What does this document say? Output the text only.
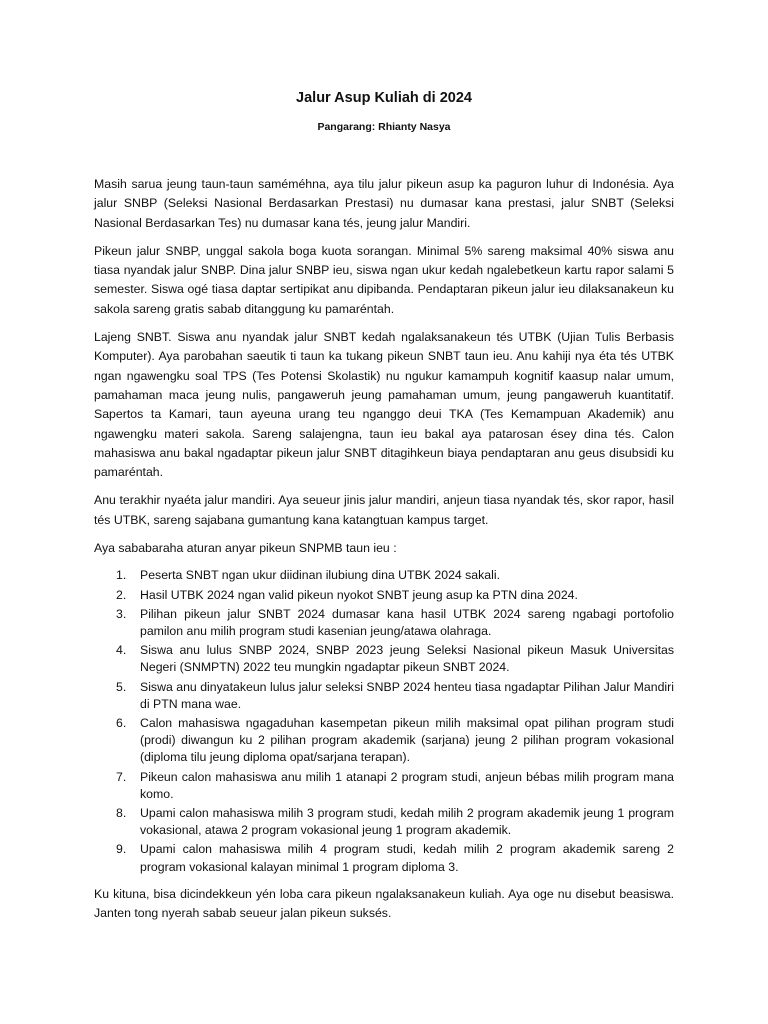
Jalur Asup Kuliah di 2024
Pangarang: Rhianty Nasya

Masih sarua jeung taun-taun saméméhna, aya tilu jalur pikeun asup ka paguron luhur di Indonésia. Aya jalur SNBP (Seleksi Nasional Berdasarkan Prestasi) nu dumasar kana prestasi, jalur SNBT (Seleksi Nasional Berdasarkan Tes) nu dumasar kana tés, jeung jalur Mandiri.

Pikeun jalur SNBP, unggal sakola boga kuota sorangan. Minimal 5% sareng maksimal 40% siswa anu tiasa nyandak jalur SNBP. Dina jalur SNBP ieu, siswa ngan ukur kedah ngalebetkeun kartu rapor salami 5 semester. Siswa ogé tiasa daptar sertipikat anu dipibanda. Pendaptaran pikeun jalur ieu dilaksanakeun ku sakola sareng gratis sabab ditanggung ku pamaréntah.

Lajeng SNBT. Siswa anu nyandak jalur SNBT kedah ngalaksanakeun tés UTBK (Ujian Tulis Berbasis Komputer). Aya parobahan saeutik ti taun ka tukang pikeun SNBT taun ieu. Anu kahiji nya éta tés UTBK ngan ngawengku soal TPS (Tes Potensi Skolastik) nu ngukur kamampuh kognitif kaasup nalar umum, pamahaman maca jeung nulis, pangaweruh jeung pamahaman umum, jeung pangaweruh kuantitatif. Sapertos ta Kamari, taun ayeuna urang teu nganggo deui TKA (Tes Kemampuan Akademik) anu ngawengku materi sakola. Sareng salajengna, taun ieu bakal aya patarosan ésey dina tés. Calon mahasiswa anu bakal ngadaptar pikeun jalur SNBT ditagihkeun biaya pendaptaran anu geus disubsidi ku pamaréntah.

Anu terakhir nyaéta jalur mandiri. Aya seueur jinis jalur mandiri, anjeun tiasa nyandak tés, skor rapor, hasil tés UTBK, sareng sajabana gumantung kana katangtuan kampus target.

Aya sababaraha aturan anyar pikeun SNPMB taun ieu :

1. Peserta SNBT ngan ukur diidinan ilubiung dina UTBK 2024 sakali.
2. Hasil UTBK 2024 ngan valid pikeun nyokot SNBT jeung asup ka PTN dina 2024.
3. Pilihan pikeun jalur SNBT 2024 dumasar kana hasil UTBK 2024 sareng ngabagi portofolio pamilon anu milih program studi kasenian jeung/atawa olahraga.
4. Siswa anu lulus SNBP 2024, SNBP 2023 jeung Seleksi Nasional pikeun Masuk Universitas Negeri (SNMPTN) 2022 teu mungkin ngadaptar pikeun SNBT 2024.
5. Siswa anu dinyatakeun lulus jalur seleksi SNBP 2024 henteu tiasa ngadaptar Pilihan Jalur Mandiri di PTN mana wae.
6. Calon mahasiswa ngagaduhan kasempetan pikeun milih maksimal opat pilihan program studi (prodi) diwangun ku 2 pilihan program akademik (sarjana) jeung 2 pilihan program vokasional (diploma tilu jeung diploma opat/sarjana terapan).
7. Pikeun calon mahasiswa anu milih 1 atanapi 2 program studi, anjeun bébas milih program mana komo.
8. Upami calon mahasiswa milih 3 program studi, kedah milih 2 program akademik jeung 1 program vokasional, atawa 2 program vokasional jeung 1 program akademik.
9. Upami calon mahasiswa milih 4 program studi, kedah milih 2 program akademik sareng 2 program vokasional kalayan minimal 1 program diploma 3.

Ku kituna, bisa dicindekkeun yén loba cara pikeun ngalaksanakeun kuliah. Aya oge nu disebut beasiswa. Janten tong nyerah sabab seueur jalan pikeun suksés.
